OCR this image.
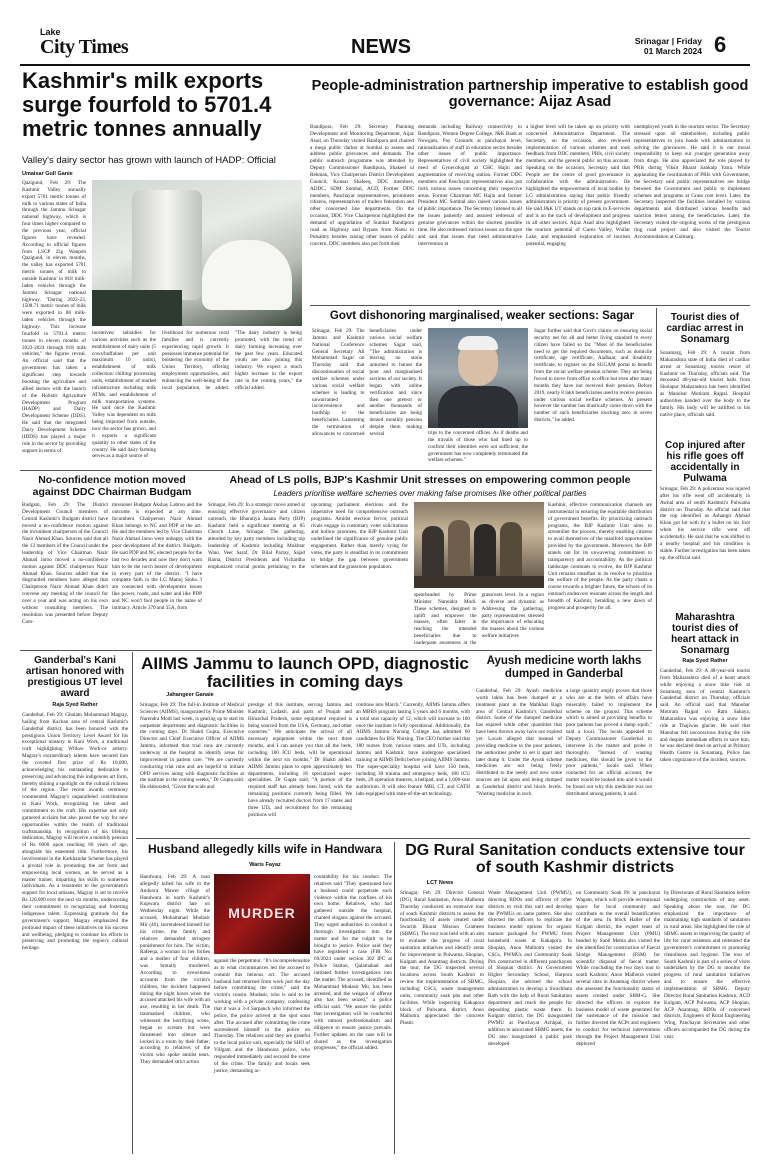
Lake
City Times	NEWS	Srinagar | Friday
01 March 2024 6
Kashmir's milk exports surge fourfold to 5701.4 metric tonnes annually
Valley's dairy sector has grown with launch of HADP: Official
Umaisar Gull Ganie
Qazigund, Feb 29: The Kashmir Valley annually export 5701 metric tonnes of milk to various states of India through the Jammu Srinagar national highway, which is four times higher compared to the previous year, official figures have revealed. According to official figures from LSCP Zig Wanpoh Qazigund, in eleven months, the valley has exported 5701 metric tonnes of milk to outside Kashmir in 818 milk-laden vehicles through the Jammu Srinagar national highway. "During 2022-23, 1508.71 metric tonnes of milk were exported in 88 milk-laden vehicles through the highway. This increase fourfold to 5701.4 metric tonnes in eleven months of 2023-2024 through 818 milk vehicles," the figures reveal. An official said that the government has taken a significant step towards boosting the agriculture and allied sectors with the launch of the Holistic Agriculture Development Program (HADP) and Dairy Development Scheme (DDS). He said that the integrated Dairy Development Scheme (IDDS) has played a major role in the sector by providing support in terms of
incentives/ subsidies for various activities such as the establishment of dairy units (5 cows/buffaloes per unit maximum 10 units), establishment of milk collection/ chilling/ processing units, establishment of market infrastructure including milk ATMs, and establishment of milk transportation systems. He said once the Kashmir Valley was dependent on milk being imported from outside, now the sector has grown, and it exports a significant quantity to other states of the country. He said dairy farming serves as a major source of
livelihood for numerous rural families and is currently experiencing rapid growth. It possesses immense potential for bolstering the economy of the Union Territory, offering employment opportunities, and enhancing the well-being of the local population, he added. "The dairy industry is being promoted, with the trend of dairy farming increasing over the past few years. Educated youth are also joining this industry. We expect a much higher increase in the export rate in the coming years," the official added.
People-administration partnership imperative to establish good governance: Aijaz Asad
Bandipora, Feb 29: Secretary Planning Development and Monitoring Department, Aijaz Asad, on Thursday visited Bandipora and chaired a mega public darbar at Sumbal to assess and address public grievances and demands. The public outreach programme was attended by Deputy Commissioner Bandipora, Shakeel ul Rehman, Vice Chairperson District Development Council, Kousar Shafeeq, DDC members, ADDC, SDM Sumbal, ACD, Former DDC members, Panchayat representatives, prominent citizens, representatives of traders federation and other concerned line departments. On the occasion, DDC Vice Chairperson highlighted the demand of upgradation of Sumbal Bandipora road as Highway and Bypass from Naisu to Putsalmy besides raising other issues of public concern. DDC members also put forth their
demands including Railway connectivity to Bandipora, Women Degree College, J&K Bank at Nowgam, Pay Grounds at panchayat level, rationalization of staff in education sector besides other issues of public importance. Representatives of civil society highlighted the need of Gynecologist at CHC Hajin and augmentation of receiving station. Former DDC members and Panchayat representatives also put forth various issues concerning their respective areas. Former Chairman MC Hajin and former President MC Sumbal also raised various issues of public importance. The Secretary listened to all the issues patiently and assured redressal of genuine grievances within the shortest possible time. He also redressed various issues on the spot and said that issues that need administrative intervention at
a higher level will be taken up on priority with concerned Administrative Department. The Secretary, on the occasion, also reviewed implementation of various schemes and took feedback from DDC members, PRIs, civil society members, and the general public on this account. Speaking on the occasion, Secretary said that People are the centre of good governance in collaboration with the administration. He highlighted the empowerment of local bodies by LG administration saying that public friendly administration is priority of present government. He said J&K UT stands on top rank in E-services and is on the track of development and progress in all other sectors. Aijaz Asad also highlighted the tourism potential of Gurez Valley, Wullar Lake, and emphasized exploration of tourism potential, engaging
unemployed youth in the tourism sector. The Secretary stressed upon all stakeholders, including public representatives to join hands with administration in solving the grievances. He said it is our moral responsibility to keep our younger generation away from drugs. He also appreciated the role played by PRIs during Viksit Bharat Sankalp Yatra. While applauding the coordination of PRIs with Government, the Secretary said public representatives are bridge between the Government and public to implement schemes and programs at Grass root level. Later, the Secretary inspected the facilities installed by various departments and distributed various benefits and sanction letters among the beneficiaries. Later, the Secretary visited the ongoing works of the prestigious ring road project and also visited the Tourist Accommodation at Gulmarg.
Govt dishonoring marginalised, weaker sections: Sagar
Srinagar, Feb 29: The Jammu and Kashmir National Conference General Secretary Ali Mohammad Sagar on Thursday said that discontinuation of social welfare schemes under various social welfare schemes is leading to unwarranted inconvenience and hardship to the beneficiaries. Lamenting the termination of allowances to concerned beneficiaries under various social welfare schemes Sagar said, "The administration is leaving no stone unturned to harass the poor and marginalised sections of our society. It began with online verification and since then one pretext or another thousands of beneficiaries are being denied monthly pension despite them making several	trips to the concerned offices. As if deaths and the travails of those who had lined up to confirm their identities were not sufficient, the government has now completely terminated the welfare schemes."
Sagar further said that Govt's claims on ensuring social security net for all and better living standard to every citizen have failed so far. "Most of the beneficiaries need to get the required documents, such as domicile certificate, age certificate, Aadhaar, and disability certificate, to register on the SUGAM portal to benefit from the social welfare pension scheme. They are being forced to move from office to office but even after many months they have not received their pension. Before 2019, nearly 8 lakh beneficiaries used to receive pension under various social welfare schemes. At present however the number has drastically come down with the number of such beneficiaries touching zero in seven districts," he added.
Tourist dies of cardiac arrest in Sonamarg
Sonamarg, Feb 29: A tourist from Maharashtra state of India died of cardiac arrest at Sonamarg tourist resort of Kashmir on Thursday, officials said. The deceased 48-year-old tourist hails from Sholapur Maharashtra has been identified as Manohar Motiram Rajpal. Hospital authorities handed over the body to the family. His body will be airlifted to his native place, officials said.
Cop injured after his rifle goes off accidentally in Pulwama
Srinagar, Feb 29: A policeman was injured after his rifle went off accidentally in Awbal area of south Kashmir's Pulwama district on Thursday. An official said that the cop identified as Ashangir Ahmad Khan got hit with by a bullet on his foot when his service rifle went off accidentally. He said that he was shifted to a nearby hospital and his condition is stable. Further investigation has been taken up, the official said.
Maharashtra tourist dies of heart attack in Sonamarg
Raja Syed Rather
Ganderbal, Feb 29: A 48-year-old tourist from Maharashtra died of a heart attack while enjoying a snow bike ride at Sonamarg area of central Kashmir's Ganderbal district on Thursday, officials said. An official said that Manohar Motiram Rajpal s/o Ram Sahaya, Maharashtra was enjoying a snow bike ride at Thajiwas glacier. He said that Manohar fell unconscious during the ride and despite immediate efforts to save him, he was declared dead on arrival at Primary Health Centre in Sonamarg. Police has taken cognizance of the incident, sources.
No-confidence motion moved against DDC Chairman Budgam
Budgam, Feb 29: The District Development Council members of Central Kashmir's Budgam district have moved a no-confidence motion against the incumbent chairperson of the Council Nazir Ahmad Khan. Sources said that all the 13 members of the Council under the leadership of Vice Chairman Nazir Ahmad Jaroo moved a no-confidence motion against DDC chairperson Nazir Ahmad Khan. Sources added that the disgruntled members have alleged that Chairperson Nazir Ahmad Khan didn't convene any meeting of the council for over a year and was acting on his own without consulting members. The resolution was presented before Deputy Com-
missioner Budgam Akshay Labroo and the outcome is expected at any time. Incumbent Chairperson Nazir Ahmad Khan belongs to NC and PDP at the act. He and the members led by Vice Chairman Nazir Ahmad Jaroo were unhappy with the poor development of the district. Budgam. He said PDP and NC elected people for the last two decades and now they don't want him to be the torch bearer of development in every part of the district. "I have complete faith in the LG Manoj Sinha. I am connected with development issues like power, roads, and water and like PDP and NC won't fool people in the name of intimacy. Article 370 and 35A, from
Ahead of LS polls, BJP's Kashmir Unit stresses on empowering common people
Leaders prioritise welfare schemes over making false promises like other political parties
Srinagar, Feb 29: In a strategic move aimed at ensuring effective governance and citizen outreach, the Bharatiya Janata Party (BJP) Kashmir held a significant meeting at 85 Church Lane, Srinagar. The gathering, attended by key party members including top leadership of Kashmir including Mukhtar Wani, Veer Saraf, Dr. Bilal Parray, Sajad Raina, District Presidents and Vichardha emphasized crucial points pertaining to the upcoming parliament elections and the imperative need for comprehensive outreach programs. Amidst election fervor, political rivals engage in customary voter solicitations and hollow promises, the BJP Kashmir Unit underlined the significance of genuine public engagement. Rather than merely vying for votes, the party is steadfast in its commitment to bridge the gap between government schemes and the grassroots population.
spearheaded by Prime Minister Narendra Modi. These schemes, designed to uplift and empower the masses, often falter in reaching the intended beneficiaries due to inadequate awareness at the grassroots level. In a region as diverse and dynamic as Addressing the gathering, party representatives stressed the importance of educating the masses about the various welfare initiatives
Kashmir, effective communication channels are instrumental in ensuring the equitable distribution of government benefits. By prioritizing outreach programs, the BJP Kashmir Unit aims to streamline the process, thereby enabling citizens to avail themselves of the manifold opportunities provided by the government. Moreover, the BJP stands out for its unwavering commitment to transparency and accountability. As the political landscape continues to evolve, the BJP Kashmir Unit remains steadfast in its resolve to prioritize the welfare of the people. As the party charts a course towards a brighter future, the echoes of its outreach endeavors resonate across the length and breadth of Kashmir, heralding a new dawn of progress and prosperity for all.
Ganderbal's Kani artisan honored with prestigious UT level award
Raja Syed Rather
Ganderbal, Feb 29: Ghulam Mohammad Magray, hailing from Kachan area of central Kashmir's Ganderbal district, has been honored with the prestigious Union Territory Level Award for his exceptional mastery in Kani Work, a traditional craft highlighting Willow Work-or artistry. Magray's extraordinary talents have secured him the coveted first prize of Rs 10,000, acknowledging his outstanding dedication to preserving and advancing this indigenous art form, thereby shining a spotlight on the cultural richness of the region. The recent awards ceremony commended Magray's unparalleled contributions to Kani Work, recognizing his talent and commitment to the craft. His expertise not only garnered acclaim but also paved the way for new opportunities within the realm of traditional craftsmanship. In recognition of his lifelong dedication, Magray will receive a monthly pension of Rs 6000 upon reaching 60 years of age, alongside his esteemed title. Furthermore, his involvement in the Karkhandar Scheme has played a pivotal role in promoting the art form and empowering local women, as he served as a master trainer, imparting his skills to numerous individuals. As a testament to the government's support for local artisans, Magray is set to receive Rs 120,000 over the next six months, underscoring their commitment to recognizing and fostering indigenous talent. Expressing gratitude for the government's support, Magray emphasized the profound impact of these initiatives on his success and wellbeing, pledging to continue his efforts in preserving and promoting the region's cultural heritage.
AIIMS Jammu to launch OPD, diagnostic facilities in coming days
Jahangeer Ganaie
Srinagar, Feb 29: The full-in Institute of Medical Sciences (AIIMS), inaugurated by Prime Minister Narendra Modi last week, is gearing up to start its outpatient department and diagnostic facilities in the coming days. Dr Shakti Gupta, Executive Director and Chief Executive Officer of AIIMS Jammu, informed that trial runs are currently underway at the hospital to identify areas for improvement in patient care. "We are currently conducting trial runs and are hopeful to initiate OPD services along with diagnostic facilities at the institute in the coming weeks," Dr Gupta said. He elaborated, "Given the scale and
prestige of this institute, serving Jammu and Kashmir, Ladakh, and parts of Punjab and Himachal Pradesh, some equipment required is being sourced from the USA, Germany, and other countries." We anticipate the arrival of all necessary equipment within the next three months, and I can assure you that all the beds, including 180 ICU beds, will be operational within the next six months," Dr Shakti added. AIIMS Jammu plans to open approximately ten departments, including 18 specialized super-specialities. Dr Gupta said, "A portion of the required staff has already been hired, with the remaining positions currently being filled. We have already recruited doctors from 17 states and three UTs, and recruitment for the remaining positions will
continue into March." Currently, AIIMS Jammu offers an MBBS program lasting 5 years and 6 months, with a total seat capacity of 12, which will increase to 100 once the institute is fully operational. Additionally, the AIIMS Jammu Nursing College has admitted 60 candidates for BSc Nursing. The CEO further said that 180 nurses from various states and UTs, including Jammu and Kashmir, have undergone specialised training at AIIMS Delhi before joining AIIMS Jammu. The super-speciality hospital will have 150 beds, including 30 trauma and emergency beds, 180 ICU beds, 20 operation theatres, a helipad, and a 1,000-seat auditorium. It will also feature MRI, CT, and CATH labs equipped with state-of-the-art technology.
Ayush medicine worth lakhs dumped in Ganderbal
Ganderbal, Feb 29: Ayush medicine worth lakhs has been dumped at a treatment plant in the Mahkhal Bagh area of Central Kashmir's Ganderbal district. Some of the dumped medicine has expired while other quantities that have been thrown away have not expired yet. Locals alleged that instead of providing medicine to the poor patients, the authorities prefer to set it apart and later dump it. Under the Ayush scheme medicines are not being freely distributed to the needy and now some sources are hit upon and being dumped at Ganderbal district and block levels. "Wasting medicine in such
a large quantity amply proves that those who are at the helm of affairs have miserably failed to implement the scheme on the ground. This scheme which is aimed at providing benefits to poor patients has proved a damp squib," said a local. The locals appealed to Deputy Commissioner Ganderbal to intervene in the matter and probe it thoroughly. "Instead of wasting medicines, this should be given to the poor patients," locals said. When contacted for an official account, the matter would be looked into and it would be found out why this medicine was not distributed among patients, it said.
Husband allegedly kills wife in Handwara
Waris Fayaz
Handwara, Feb 29: A man allegedly killed his wife in the Andoora Mawer village of Handwara in north Kashmir's Kupwara district late on Wednesday night. While the accused, Mohammad Mudasir Mir (46), surrendered himself for his crime, the family and relatives demanded stringent punishment for him. The victim, Rafeeqa, a woman in her forties and a mother of four children, was brutally murdered. According to eyewitness accounts from the victim's children, the incident happened during the night hours when the accused attacked his wife with an axe, resulting in her death. The traumatised children, who witnessed the horrifying scene, began to scream but were threatened into silence and locked in a room by their father, according to relatives of the victim who spoke amidst tears. They demanded strict action
MURDER
against the perpetrator. "It's incomprehensible as to what circumstances led the accused to commit this heinous act. The accused husband had returned from work just the day before committing the crime," said the victim's cousin. Mudasir, who is said to be working with a private company, confessing that it was a 3-4 Sarpanch who informed the police, the police arrived at the spot soon after. The accused after committing the crime surrendered himself to the police on Thursday. The relatives said they are grateful to the local police unit, especially the SHO of Villgam and the Handwara police, who responded immediately and secured the scene of the crime. The family and locals seek justice, demanding ac-
countability for his conduct. The relatives said "They questioned how a husband could perpetrate such violence within the confines of his own home. Relatives, who had gathered outside the hospital, chanted slogans against the accused. They urged authorities to conduct a thorough investigation into the matter and for the culprit to be brought to justice. Police said they have registered a case (FIR No. 69/2024 under section 302 IPC at Police Station, Qalamabad and initiated further investigations into the matter. The accused, identified as Mohammad Mudasir Mir, has been arrested, and the weapon of offense also has been seized," a police official said. "We assure the public that investigation will be conducted with utmost professionalism and diligence to ensure justice prevails. Further updates on the case will be shared as the investigation progresses," the official added.
DG Rural Sanitation conducts extensive tour of south Kashmir districts
LCT News
Srinagar, Feb 29: Director General (DG), Rural Sanitation, Anoo Malhotra Thursday conducted an extensive tour of south Kashmir districts to assess the functionality of assets created under Swachh Bharat Mission Grameen (SBMG). The tour was held with an aim to evaluate the progress of rural sanitation initiatives and identify areas for improvement in Pulwama, Shopian, Kulgam and Anantnag districts. During the tour, the DG inspected several locations across South Kashmir to review the implementation of SBMG, including CSCs, waste management units, community soak pits and other facilities. While inspecting Kakapora block of Pulwama district, Anoo Malhotra appreciated the concrete Plastic
Waste Management Unit (PWMU), directing BDOs and officers of other districts to visit this unit and develop the PWMUs on same pattern. She also directed the officers to replicate the business model options for organic manure packaged for PWMU from household waste at Kakapora. In Shopian, Anoo Malhotra visited the CSCs, PWMUs and Community Soak Pits constructed in different panchayats of Shopian district. At Government Higher Secondary School, Harpora Shopian, she advised the school administration to develop a Swachhata Rath with the help of Rural Sanitation department and reach the people for depositing plastic waste there. In Kulgam district, the DG inaugurated PWMU at Panchayat Achhpal, in addition to associated SBMG assets, the DG also inaugurated a public park developed
on Community Soak Pit in panchayat Wagam, which will provide recreational space for local community and contribute to the overall beautification of the area. In block Haller of the Kulgam district, the expert team of Project Management Unit (PMU) headed by Sunil Mehta also visited the site identified for construction of Faecal Sludge Management (FSM) for scientific disposal of faecal matter. While concluding the two days tour to south Kashmir, Anoo Malhotra visited several sites in Anantnag district where she assessed the functionality status of assets created under SBM-G. She directed the officers to explore the business model of waste generated for the sustenance of the mission and further directed the ACPs and engineers to conduct for technical interventions through the Project Management Unit deployed
by Directorate of Rural Sanitation before undergoing construction of any asset. Speaking about the tour, the DG emphasized the importance of maintaining high standards of sanitation in rural areas. She highlighted the role of SBMG assets in improving the quality of life for rural residents and reiterated the government's commitment to promoting cleanliness and hygiene. The tour of South Kashmir is part of a series of visits undertaken by the DG to monitor the progress of rural sanitation initiatives and to ensure the effective implementation of SBMG. Deputy Director Rural Sanitation Kashmir, ACD Kulgam, ACP Pulwama, ACP Shopian, ACP Anantnag, BDOs of concerned districts, Engineers of Rural Engineering Wing, Panchayat Secretaries and other officers accompanied the DG during the visit.
